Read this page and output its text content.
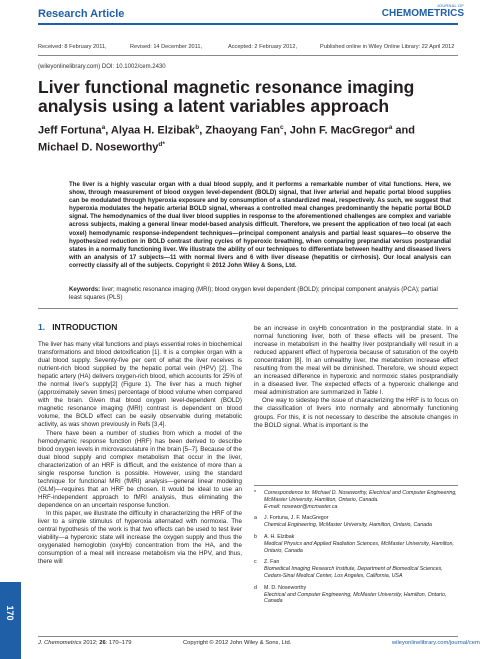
Research Article
JOURNAL OF
CHEMOMETRICS
Received: 8 February 2011,	Revised: 14 December 2011,	Accepted: 2 February 2012,	Published online in Wiley Online Library: 22 April 2012
(wileyonlinelibrary.com) DOI: 10.1002/cem.2430
Liver functional magnetic resonance imaging analysis using a latent variables approach

Jeff Fortuna$^a$, Alyaa H. Elzibak$^b$, Zhaoyang Fan$^c$, John F. MacGregor$^a$ and Michael D. Noseworthy$^{d*}$

The liver is a highly vascular organ with a dual blood supply, and it performs a remarkable number of vital functions. Here, we show, through measurement of blood oxygen level-dependent (BOLD) signal, that liver arterial and hepatic portal blood supplies can be modulated through hyperoxia exposure and by consumption of a standardized meal, respectively. As such, we suggest that hyperoxia modulates the hepatic arterial BOLD signal, whereas a controlled meal changes predominantly the hepatic portal BOLD signal. The hemodynamics of the dual liver blood supplies in response to the aforementioned challenges are complex and variable across subjects, making a general linear model-based analysis difficult. Therefore, we present the application of two local (at each voxel) hemodynamic response-independent techniques—principal component analysis and partial least squares—to observe the hypothesized reduction in BOLD contrast during cycles of hyperoxic breathing, when comparing preprandial versus postprandial states in a normally functioning liver. We illustrate the ability of our techniques to differentiate between healthy and diseased livers with an analysis of 17 subjects—11 with normal livers and 6 with liver disease (hepatitis or cirrhosis). Our local analysis can correctly classify all of the subjects. Copyright © 2012 John Wiley & Sons, Ltd.

Keywords: liver; magnetic resonance imaging (MRI); blood oxygen level dependent (BOLD); principal component analysis (PCA); partial least squares (PLS)

1. INTRODUCTION

The liver has many vital functions and plays essential roles in biochemical transformations and blood detoxification [1]. It is a complex organ with a dual blood supply. Seventy-five per cent of what the liver receives is nutrient-rich blood supplied by the hepatic portal vein (HPV) [2]. The hepatic artery (HA) delivers oxygen-rich blood, which accounts for 25% of the normal liver's supply[2] (Figure 1). The liver has a much higher (approximately seven times) percentage of blood volume when compared with the brain. Given that blood oxygen level-dependent (BOLD) magnetic resonance imaging (MRI) contrast is dependent on blood volume, the BOLD effect can be easily observable during metabolic activity, as was shown previously in Refs [3,4].

There have been a number of studies from which a model of the hemodynamic response function (HRF) has been derived to describe blood oxygen levels in microvasculature in the brain [5–7]. Because of the dual blood supply and complex metabolism that occur in the liver, characterization of an HRF is difficult, and the existence of more than a single response function is possible. However, using the standard technique for functional MRI (fMRI) analysis—general linear modeling (GLM)—requires that an HRF be chosen. It would be ideal to use an HRF-independent approach to fMRI analysis, thus eliminating the dependence on an uncertain response function.

In this paper, we illustrate the difficulty in characterizing the HRF of the liver to a simple stimulus of hyperoxia alternated with normoxia. The central hypothesis of the work is that two effects can be used to test liver viability—a hyperoxic state will increase the oxygen supply and thus the oxygenated hemoglobin (oxyHb) concentration from the HA, and the consumption of a meal will increase metabolism via the HPV, and thus, there will

be an increase in oxyHb concentration in the postprandial state. In a normal functioning liver, both of these effects will be present. The increase in metabolism in the healthy liver postprandially will result in a reduced apparent effect of hyperoxia because of saturation of the oxyHb concentration [8]. In an unhealthy liver, the metabolism increase effect resulting from the meal will be diminished. Therefore, we should expect an increased difference in hyperoxic and normoxic states postprandially in a diseased liver. The expected effects of a hyperoxic challenge and meal administration are summarized in Table I.

One way to sidestep the issue of characterizing the HRF is to focus on the classification of livers into normally and abnormally functioning groups. For this, it is not necessary to describe the absolute changes in the BOLD signal. What is important is the

* Correspondence to: Michael D. Noseworthy, Electrical and Computer Engineering, McMaster University, Hamilton, Ontario, Canada.
E-mail: nosewor@mcmaster.ca
a J. Fortuna, J. F. MacGregor
Chemical Engineering, McMaster University, Hamilton, Ontario, Canada
b A. H. Elzibak
Medical Physics and Applied Radiation Sciences, McMaster University, Hamilton, Ontario, Canada
c Z. Fan
Biomedical Imaging Research Institute, Department of Biomedical Sciences, Cedars-Sinai Medical Center, Los Angeles, California, USA
d M. D. Noseworthy
Electrical and Computer Engineering, McMaster University, Hamilton, Ontario, Canada
170
J. Chemometrics 2012; 26: 170–179	Copyright © 2012 John Wiley & Sons, Ltd.	wileyonlinelibrary.com/journal/cem
